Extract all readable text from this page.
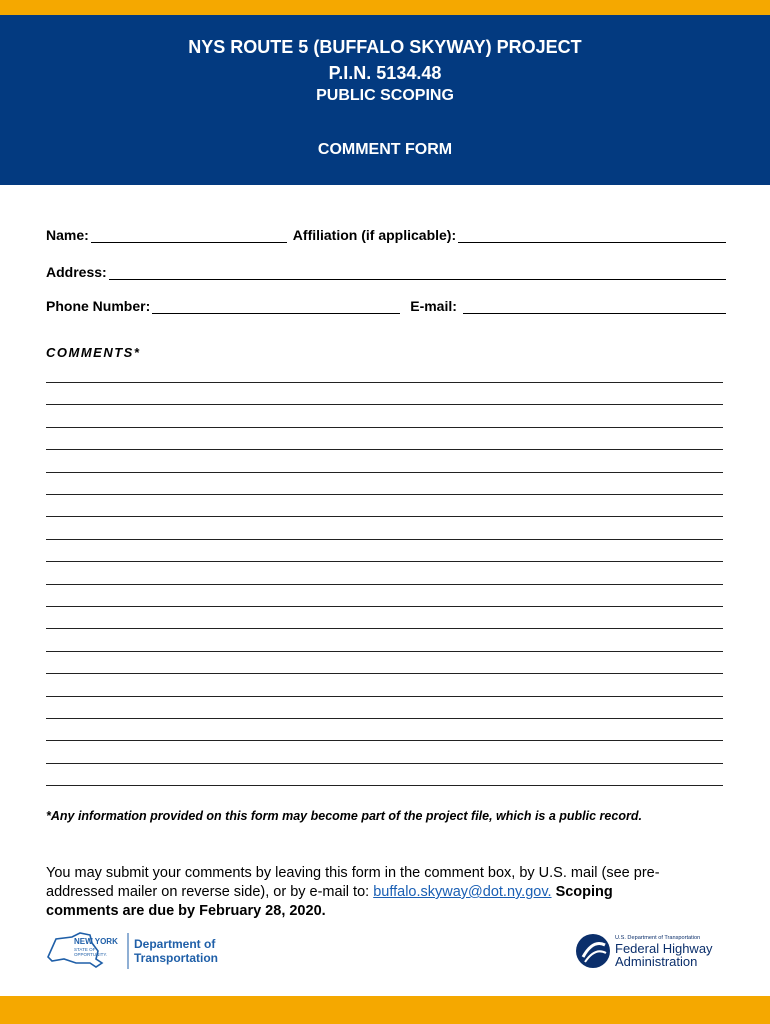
NYS ROUTE 5 (BUFFALO SKYWAY) PROJECT
P.I.N. 5134.48
PUBLIC SCOPING
COMMENT FORM
Name:	Affiliation (if applicable):
Address:
Phone Number:	E-mail:
COMMENTS*
*Any information provided on this form may become part of the project file, which is a public record.
You may submit your comments by leaving this form in the comment box, by U.S. mail (see pre-addressed mailer on reverse side), or by e-mail to: buffalo.skyway@dot.ny.gov. Scoping comments are due by February 28, 2020.
NEW YORK
STATE OF
OPPORTUNITY.
Department of
Transportation
U.S. Department of Transportation
Federal Highway
Administration
